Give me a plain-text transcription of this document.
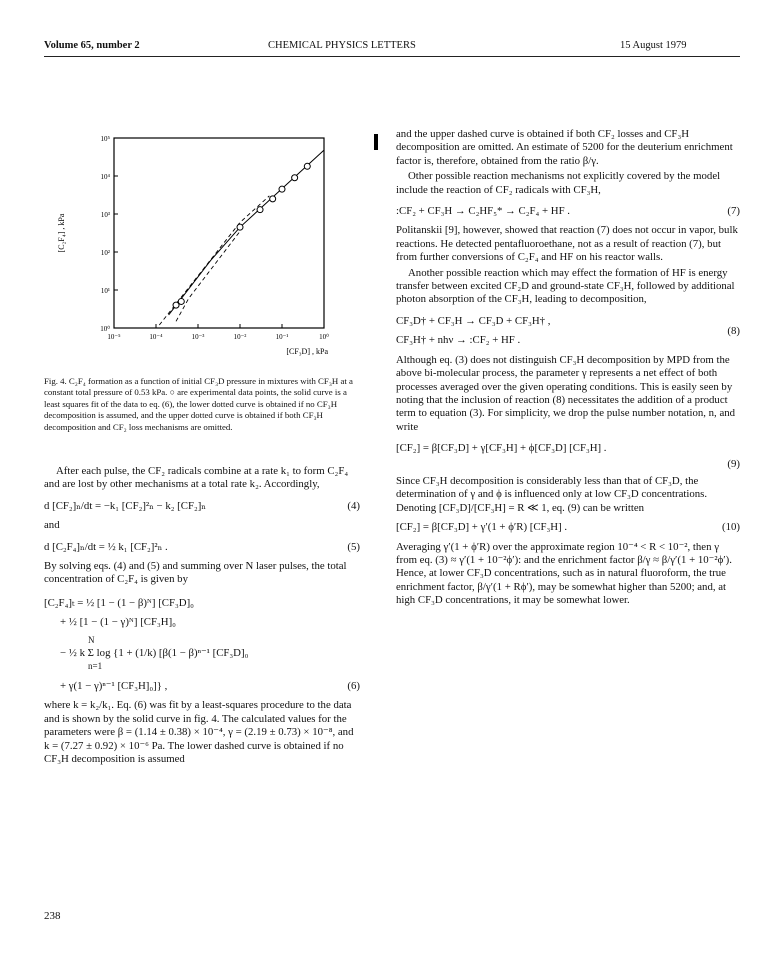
Volume 65, number 2	CHEMICAL PHYSICS LETTERS	15 August 1979
10⁻⁵	10⁻⁴	10⁻³	10⁻²	10⁻¹	10⁰
10⁵
10⁴
10³
10²
10¹
10⁰
[CF₃D] , kPa
[C₂F₄] , kPa
Fig. 4. C₂F₄ formation as a function of initial CF₃D pressure in mixtures with CF₃H at a constant total pressure of 0.53 kPa. ○ are experimental data points, the solid curve is a least squares fit of the data to eq. (6), the lower dotted curve is obtained if no CF₃H decomposition is assumed, and the upper dotted curve is obtained if both CF₃H decomposition and CF₂ loss mechanisms are omitted.

After each pulse, the CF₂ radicals combine at a rate k₁ to form C₂F₄ and are lost by other mechanisms at a total rate k₂. Accordingly,

d [CF₂]ₙ/dt = −k₁ [CF₂]²ₙ − k₂ [CF₂]ₙ	(4)

and

d [C₂F₄]ₙ/dt = ½ k₁ [CF₂]²ₙ .	(5)

By solving eqs. (4) and (5) and summing over N laser pulses, the total concentration of C₂F₄ is given by

[C₂F₄]ₜ = ½ [1 − (1 − β)ᴺ] [CF₃D]₀
+ ½ [1 − (1 − γ)ᴺ] [CF₃H]₀
N
− ½ k Σ log {1 + (1/k) [β(1 − β)ⁿ⁻¹ [CF₃D]₀
n=1
+ γ(1 − γ)ⁿ⁻¹ [CF₃H]₀]} ,	(6)

where k = k₂/k₁. Eq. (6) was fit by a least-squares procedure to the data and is shown by the solid curve in fig. 4. The calculated values for the parameters were β = (1.14 ± 0.38) × 10⁻⁴, γ = (2.19 ± 0.73) × 10⁻⁸, and k = (7.27 ± 0.92) × 10⁻⁶ Pa. The lower dashed curve is obtained if no CF₃H decomposition is assumed

and the upper dashed curve is obtained if both CF₂ losses and CF₃H decomposition are omitted. An estimate of 5200 for the deuterium enrichment factor is, therefore, obtained from the ratio β/γ.

Other possible reaction mechanisms not explicitly covered by the model include the reaction of CF₂ radicals with CF₃H,

:CF₂ + CF₃H → C₂HF₅* → C₂F₄ + HF .	(7)

Politanskii [9], however, showed that reaction (7) does not occur in vapor, bulk reactions. He detected pentafluoroethane, not as a result of reaction (7), but from further conversions of C₂F₄ and HF on his reactor walls.

Another possible reaction which may effect the formation of HF is energy transfer between excited CF₂D and ground-state CF₃H, followed by additional photon absorption of the CF₃H, leading to decomposition,

CF₃D† + CF₃H → CF₃D + CF₃H† ,
CF₃H† + nhν → :CF₂ + HF .
(8)

Although eq. (3) does not distinguish CF₃H decomposition by MPD from the above bi-molecular process, the parameter γ represents a net effect of both processes averaged over the given operating conditions. This is easily seen by noting that the inclusion of reaction (8) necessitates the addition of a product term to equation (3). For simplicity, we drop the pulse number notation, n, and write

[CF₂] = β[CF₃D] + γ[CF₃H] + ϕ[CF₃D] [CF₃H] .
(9)

Since CF₃H decomposition is considerably less than that of CF₃D, the determination of γ and ϕ is influenced only at low CF₃D concentrations. Denoting [CF₃D]/[CF₃H] = R ≪ 1, eq. (9) can be written

[CF₂] = β[CF₃D] + γ′(1 + ϕ′R) [CF₃H] .	(10)

Averaging γ′(1 + ϕ′R) over the approximate region 10⁻⁴ < R < 10⁻², then γ from eq. (3) ≈ γ′(1 + 10⁻²ϕ′): and the enrichment factor β/γ ≈ β/γ′(1 + 10⁻²ϕ′). Hence, at lower CF₃D concentrations, such as in natural fluoroform, the true enrichment factor, β/γ′(1 + Rϕ′), may be somewhat higher than 5200; and, at high CF₃D concentrations, it may be somewhat lower.

238
